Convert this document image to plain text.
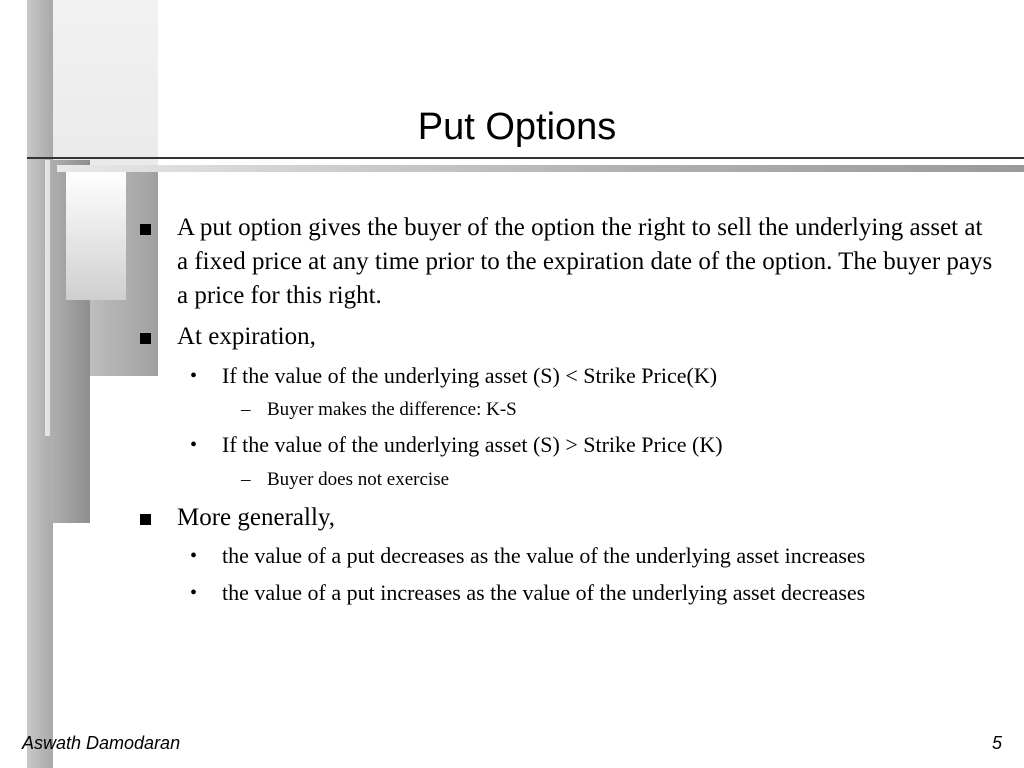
Put Options
A put option gives the buyer of the option the right to sell the underlying asset at a fixed price at any time prior to the expiration date of the option. The buyer pays a price for this right.
At expiration,
• If the value of the underlying asset (S) < Strike Price(K)
– Buyer makes the difference: K-S
• If the value of the underlying asset (S) > Strike Price (K)
– Buyer does not exercise
More generally,
• the value of a put decreases as the value of the underlying asset increases
• the value of a put increases as the value of the underlying asset decreases
Aswath Damodaran	5
